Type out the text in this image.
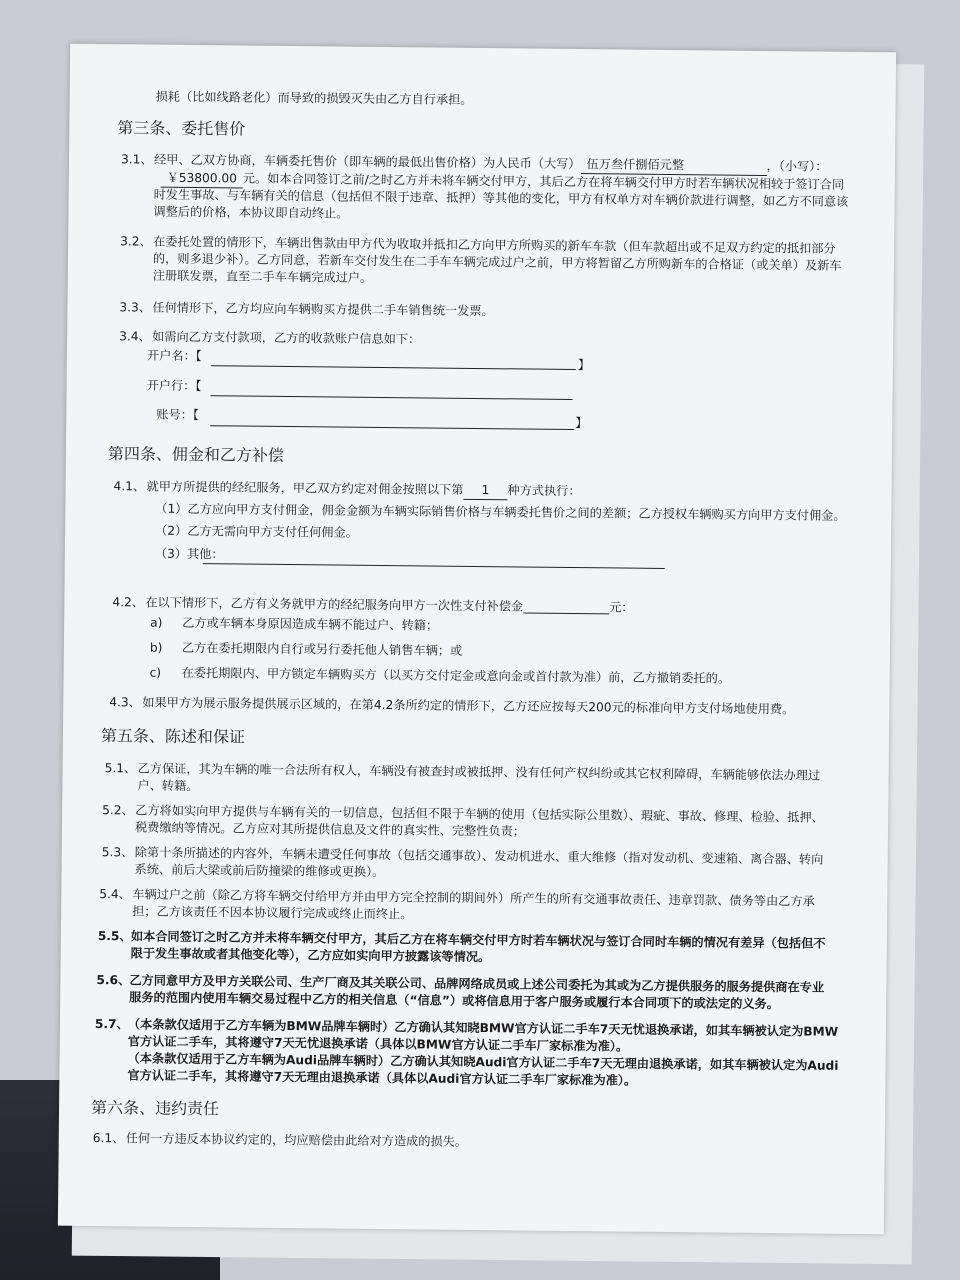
损耗（比如线路老化）而导致的损毁灭失由乙方自行承担。
第三条、委托售价
3.1、 经甲、乙双方协商，车辆委托售价（即车辆的最低出售价格）为人民币（大写） 伍万叁仟捌佰元整	，（小写）：
￥53800.00 元。如本合同签订之前/之时乙方并未将车辆交付甲方，其后乙方在将车辆交付甲方时若车辆状况相较于签订合同
时发生事故、与车辆有关的信息（包括但不限于违章、抵押）等其他的变化，甲方有权单方对车辆价款进行调整，如乙方不同意该
调整后的价格，本协议即自动终止。
3.2、 在委托处置的情形下，车辆出售款由甲方代为收取并抵扣乙方向甲方所购买的新车车款（但车款超出或不足双方约定的抵扣部分
的，则多退少补）。乙方同意，若新车交付发生在二手车车辆完成过户之前，甲方将暂留乙方所购新车的合格证（或关单）及新车
注册联发票，直至二手车车辆完成过户。
3.3、 任何情形下，乙方均应向车辆购买方提供二手车销售统一发票。
3.4、 如需向乙方支付款项，乙方的收款账户信息如下：
开户名：【
】
开户行：【
账号：【
】
第四条、佣金和乙方补偿
4.1、 就甲方所提供的经纪服务，甲乙双方约定对佣金按照以下第 1 种方式执行：
（1）乙方应向甲方支付佣金，佣金金额为车辆实际销售价格与车辆委托售价之间的差额；乙方授权车辆购买方向甲方支付佣金。
（2）乙方无需向甲方支付任何佣金。
（3）其他：
4.2、 在以下情形下，乙方有义务就甲方的经纪服务向甲方一次性支付补偿金	元：
a) 乙方或车辆本身原因造成车辆不能过户、转籍；
b) 乙方在委托期限内自行或另行委托他人销售车辆；或
c) 在委托期限内、甲方锁定车辆购买方（以买方交付定金或意向金或首付款为准）前，乙方撤销委托的。
4.3、 如果甲方为展示服务提供展示区域的，在第4.2条所约定的情形下，乙方还应按每天200元的标准向甲方支付场地使用费。
第五条、陈述和保证
5.1、 乙方保证，其为车辆的唯一合法所有权人，车辆没有被查封或被抵押、没有任何产权纠纷或其它权利障碍，车辆能够依法办理过
户、转籍。
5.2、 乙方将如实向甲方提供与车辆有关的一切信息，包括但不限于车辆的使用（包括实际公里数）、瑕疵、事故、修理、检验、抵押、
税费缴纳等情况。乙方应对其所提供信息及文件的真实性、完整性负责；
5.3、 除第十条所描述的内容外，车辆未遭受任何事故（包括交通事故）、发动机进水、重大维修（指对发动机、变速箱、离合器、转向
系统、前后大梁或前后防撞梁的维修或更换）。
5.4、 车辆过户之前（除乙方将车辆交付给甲方并由甲方完全控制的期间外）所产生的所有交通事故责任、违章罚款、债务等由乙方承
担；乙方该责任不因本协议履行完成或终止而终止。
5.5、 如本合同签订之时乙方并未将车辆交付甲方，其后乙方在将车辆交付甲方时若车辆状况与签订合同时车辆的情况有差异（包括但不
限于发生事故或者其他变化等），乙方应如实向甲方披露该等情况。
5.6、 乙方同意甲方及甲方关联公司、生产厂商及其关联公司、品牌网络成员或上述公司委托为其或为乙方提供服务的服务提供商在专业
服务的范围内使用车辆交易过程中乙方的相关信息（“信息”）或将信息用于客户服务或履行本合同项下的或法定的义务。
5.7、 （本条款仅适用于乙方车辆为BMW品牌车辆时）乙方确认其知晓BMW官方认证二手车7天无忧退换承诺，如其车辆被认定为BMW
官方认证二手车，其将遵守7天无忧退换承诺（具体以BMW官方认证二手车厂家标准为准）。
（本条款仅适用于乙方车辆为Audi品牌车辆时）乙方确认其知晓Audi官方认证二手车7天无理由退换承诺，如其车辆被认定为Audi
官方认证二手车，其将遵守7天无理由退换承诺（具体以Audi官方认证二手车厂家标准为准）。
第六条、违约责任
6.1、 任何一方违反本协议约定的，均应赔偿由此给对方造成的损失。
